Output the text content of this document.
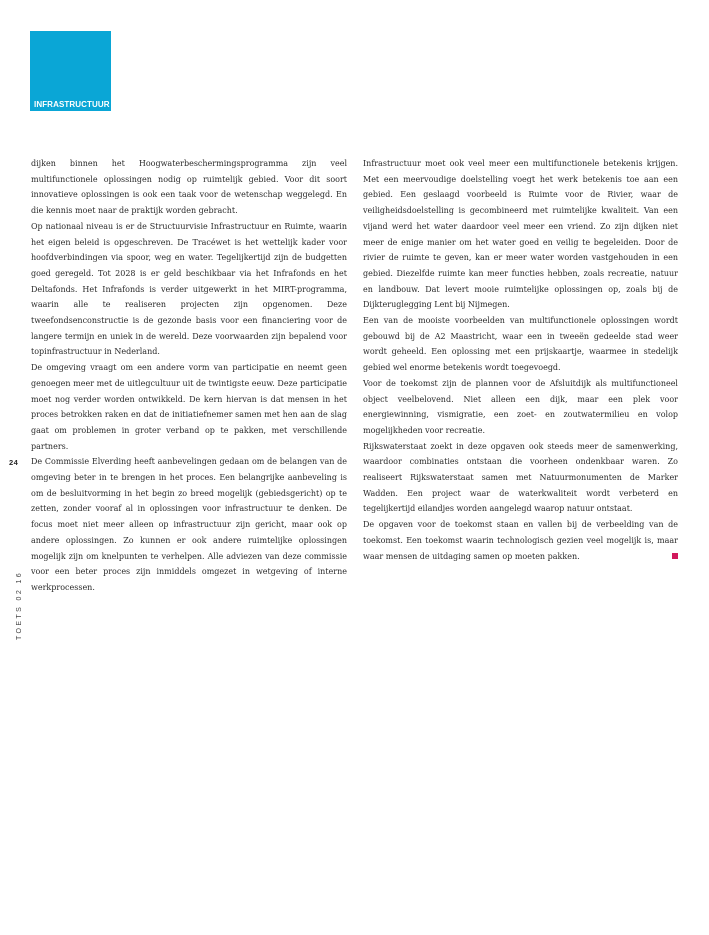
INFRASTRUCTUUR

dijken binnen het Hoogwaterbeschermingsprogramma zijn veel multifunctionele oplossingen nodig op ruimtelijk gebied. Voor dit soort innovatieve oplossingen is ook een taak voor de wetenschap weggelegd. En die kennis moet naar de praktijk worden gebracht.

Op nationaal niveau is er de Structuurvisie Infrastructuur en Ruimte, waarin het eigen beleid is opgeschreven. De Tracéwet is het wettelijk kader voor hoofdverbindingen via spoor, weg en water. Tegelijkertijd zijn de budgetten goed geregeld. Tot 2028 is er geld beschikbaar via het Infrafonds en het Deltafonds. Het Infrafonds is verder uitgewerkt in het MIRT-programma, waarin alle te realiseren projecten zijn opgenomen. Deze tweefondsenconstructie is de gezonde basis voor een financiering voor de langere termijn en uniek in de wereld. Deze voorwaarden zijn bepalend voor topinfrastructuur in Nederland.

De omgeving vraagt om een andere vorm van participatie en neemt geen genoegen meer met de uitlegcultuur uit de twintigste eeuw. Deze participatie moet nog verder worden ontwikkeld. De kern hiervan is dat mensen in het proces betrokken raken en dat de initiatiefnemer samen met hen aan de slag gaat om problemen in groter verband op te pakken, met verschillende partners.

De Commissie Elverding heeft aanbevelingen gedaan om de belangen van de omgeving beter in te brengen in het proces. Een belangrijke aanbeveling is om de besluitvorming in het begin zo breed mogelijk (gebiedsgericht) op te zetten, zonder vooraf al in oplossingen voor infrastructuur te denken. De focus moet niet meer alleen op infrastructuur zijn gericht, maar ook op andere oplossingen. Zo kunnen er ook andere ruimtelijke oplossingen mogelijk zijn om knelpunten te verhelpen. Alle adviezen van deze commissie voor een beter proces zijn inmiddels omgezet in wetgeving of interne werkprocessen.

Infrastructuur moet ook veel meer een multifunctionele betekenis krijgen. Met een meervoudige doelstelling voegt het werk betekenis toe aan een gebied. Een geslaagd voorbeeld is Ruimte voor de Rivier, waar de veiligheidsdoelstelling is gecombineerd met ruimtelijke kwaliteit. Van een vijand werd het water daardoor veel meer een vriend. Zo zijn dijken niet meer de enige manier om het water goed en veilig te begeleiden. Door de rivier de ruimte te geven, kan er meer water worden vastgehouden in een gebied. Diezelfde ruimte kan meer functies hebben, zoals recreatie, natuur en landbouw. Dat levert mooie ruimtelijke oplossingen op, zoals bij de Dijkteruglegging Lent bij Nijmegen.

Een van de mooiste voorbeelden van multifunctionele oplossingen wordt gebouwd bij de A2 Maastricht, waar een in tweeën gedeelde stad weer wordt geheeld. Een oplossing met een prijskaartje, waarmee in stedelijk gebied wel enorme betekenis wordt toegevoegd.

Voor de toekomst zijn de plannen voor de Afsluitdijk als multifunctioneel object veelbelovend. Niet alleen een dijk, maar een plek voor energiewinning, vismigratie, een zoet- en zoutwatermilieu en volop mogelijkheden voor recreatie.

Rijkswaterstaat zoekt in deze opgaven ook steeds meer de samenwerking, waardoor combinaties ontstaan die voorheen ondenkbaar waren. Zo realiseert Rijkswaterstaat samen met Natuurmonumenten de Marker Wadden. Een project waar de waterkwaliteit wordt verbeterd en tegelijkertijd eilandjes worden aangelegd waarop natuur ontstaat.

De opgaven voor de toekomst staan en vallen bij de verbeelding van de toekomst. Een toekomst waarin technologisch gezien veel mogelijk is, maar waar mensen de uitdaging samen op moeten pakken.

24
TOETS 02 16
